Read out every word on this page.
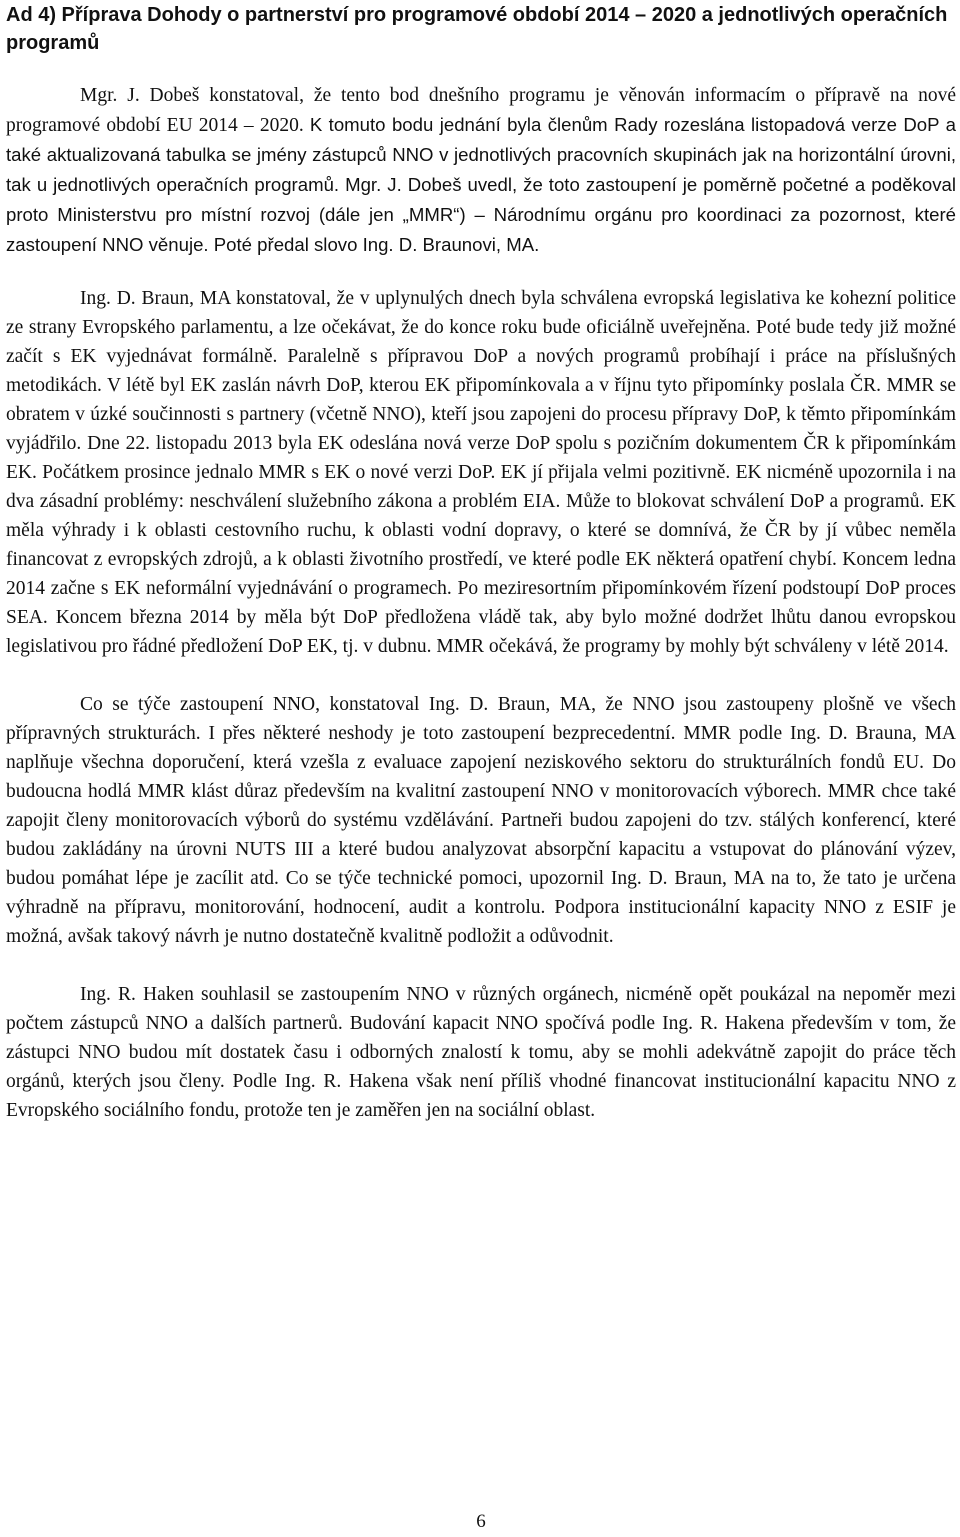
Ad 4) Příprava Dohody o partnerství pro programové období 2014 – 2020 a jednotlivých operačních programů

Mgr. J. Dobeš konstatoval, že tento bod dnešního programu je věnován informacím o přípravě na nové programové období EU 2014 – 2020. K tomuto bodu jednání byla členům Rady rozeslána listopadová verze DoP a také aktualizovaná tabulka se jmény zástupců NNO v jednotlivých pracovních skupinách jak na horizontální úrovni, tak u jednotlivých operačních programů. Mgr. J. Dobeš uvedl, že toto zastoupení je poměrně početné a poděkoval proto Ministerstvu pro místní rozvoj (dále jen „MMR“) – Národnímu orgánu pro koordinaci za pozornost, které zastoupení NNO věnuje. Poté předal slovo Ing. D. Braunovi, MA.

Ing. D. Braun, MA konstatoval, že v uplynulých dnech byla schválena evropská legislativa ke kohezní politice ze strany Evropského parlamentu, a lze očekávat, že do konce roku bude oficiálně uveřejněna. Poté bude tedy již možné začít s EK vyjednávat formálně. Paralelně s přípravou DoP a nových programů probíhají i práce na příslušných metodikách. V létě byl EK zaslán návrh DoP, kterou EK připomínkovala a v říjnu tyto připomínky poslala ČR. MMR se obratem v úzké součinnosti s partnery (včetně NNO), kteří jsou zapojeni do procesu přípravy DoP, k těmto připomínkám vyjádřilo. Dne 22. listopadu 2013 byla EK odeslána nová verze DoP spolu s pozičním dokumentem ČR k připomínkám EK. Počátkem prosince jednalo MMR s EK o nové verzi DoP. EK jí přijala velmi pozitivně. EK nicméně upozornila i na dva zásadní problémy: neschválení služebního zákona a problém EIA. Může to blokovat schválení DoP a programů. EK měla výhrady i k oblasti cestovního ruchu, k oblasti vodní dopravy, o které se domnívá, že ČR by jí vůbec neměla financovat z evropských zdrojů, a k oblasti životního prostředí, ve které podle EK některá opatření chybí. Koncem ledna 2014 začne s EK neformální vyjednávání o programech. Po meziresortním připomínkovém řízení podstoupí DoP proces SEA. Koncem března 2014 by měla být DoP předložena vládě tak, aby bylo možné dodržet lhůtu danou evropskou legislativou pro řádné předložení DoP EK, tj. v dubnu. MMR očekává, že programy by mohly být schváleny v létě 2014.

Co se týče zastoupení NNO, konstatoval Ing. D. Braun, MA, že NNO jsou zastoupeny plošně ve všech přípravných strukturách. I přes některé neshody je toto zastoupení bezprecedentní. MMR podle Ing. D. Brauna, MA naplňuje všechna doporučení, která vzešla z evaluace zapojení neziskového sektoru do strukturálních fondů EU. Do budoucna hodlá MMR klást důraz především na kvalitní zastoupení NNO v monitorovacích výborech. MMR chce také zapojit členy monitorovacích výborů do systému vzdělávání. Partneři budou zapojeni do tzv. stálých konferencí, které budou zakládány na úrovni NUTS III a které budou analyzovat absorpční kapacitu a vstupovat do plánování výzev, budou pomáhat lépe je zacílit atd. Co se týče technické pomoci, upozornil Ing. D. Braun, MA na to, že tato je určena výhradně na přípravu, monitorování, hodnocení, audit a kontrolu. Podpora institucionální kapacity NNO z ESIF je možná, avšak takový návrh je nutno dostatečně kvalitně podložit a odůvodnit.

Ing. R. Haken souhlasil se zastoupením NNO v různých orgánech, nicméně opět poukázal na nepoměr mezi počtem zástupců NNO a dalších partnerů. Budování kapacit NNO spočívá podle Ing. R. Hakena především v tom, že zástupci NNO budou mít dostatek času i odborných znalostí k tomu, aby se mohli adekvátně zapojit do práce těch orgánů, kterých jsou členy. Podle Ing. R. Hakena však není příliš vhodné financovat institucionální kapacitu NNO z Evropského sociálního fondu, protože ten je zaměřen jen na sociální oblast.

6
